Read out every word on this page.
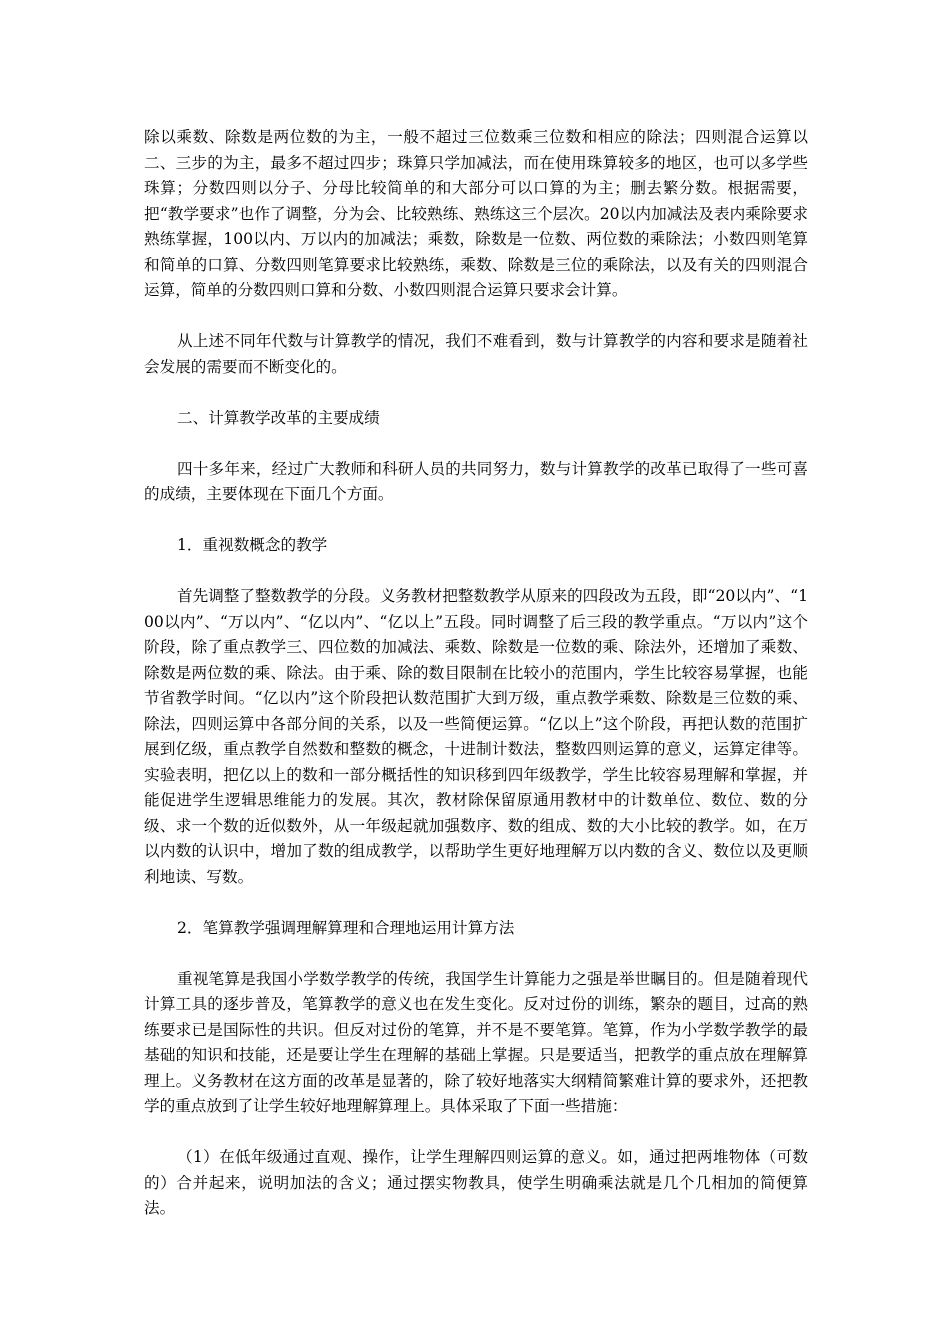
除以乘数、除数是两位数的为主，一般不超过三位数乘三位数和相应的除法；四则混合运算以二、三步的为主，最多不超过四步；珠算只学加减法，而在使用珠算较多的地区，也可以多学些珠算；分数四则以分子、分母比较简单的和大部分可以口算的为主；删去繁分数。根据需要，把“教学要求”也作了调整，分为会、比较熟练、熟练这三个层次。20以内加减法及表内乘除要求熟练掌握，100以内、万以内的加减法；乘数，除数是一位数、两位数的乘除法；小数四则笔算和简单的口算、分数四则笔算要求比较熟练，乘数、除数是三位的乘除法，以及有关的四则混合运算，简单的分数四则口算和分数、小数四则混合运算只要求会计算。

从上述不同年代数与计算教学的情况，我们不难看到，数与计算教学的内容和要求是随着社会发展的需要而不断变化的。

二、计算教学改革的主要成绩

四十多年来，经过广大教师和科研人员的共同努力，数与计算教学的改革已取得了一些可喜的成绩，主要体现在下面几个方面。

1．重视数概念的教学

首先调整了整数教学的分段。义务教材把整数教学从原来的四段改为五段，即“20以内”、“100以内”、“万以内”、“亿以内”、“亿以上”五段。同时调整了后三段的教学重点。“万以内”这个阶段，除了重点教学三、四位数的加减法、乘数、除数是一位数的乘、除法外，还增加了乘数、除数是两位数的乘、除法。由于乘、除的数目限制在比较小的范围内，学生比较容易掌握，也能节省教学时间。“亿以内”这个阶段把认数范围扩大到万级，重点教学乘数、除数是三位数的乘、除法，四则运算中各部分间的关系，以及一些简便运算。“亿以上”这个阶段，再把认数的范围扩展到亿级，重点教学自然数和整数的概念，十进制计数法，整数四则运算的意义，运算定律等。实验表明，把亿以上的数和一部分概括性的知识移到四年级教学，学生比较容易理解和掌握，并能促进学生逻辑思维能力的发展。其次，教材除保留原通用教材中的计数单位、数位、数的分级、求一个数的近似数外，从一年级起就加强数序、数的组成、数的大小比较的教学。如，在万以内数的认识中，增加了数的组成教学，以帮助学生更好地理解万以内数的含义、数位以及更顺利地读、写数。

2．笔算教学强调理解算理和合理地运用计算方法

重视笔算是我国小学数学教学的传统，我国学生计算能力之强是举世瞩目的。但是随着现代计算工具的逐步普及，笔算教学的意义也在发生变化。反对过份的训练，繁杂的题目，过高的熟练要求已是国际性的共识。但反对过份的笔算，并不是不要笔算。笔算，作为小学数学教学的最基础的知识和技能，还是要让学生在理解的基础上掌握。只是要适当，把教学的重点放在理解算理上。义务教材在这方面的改革是显著的，除了较好地落实大纲精简繁难计算的要求外，还把教学的重点放到了让学生较好地理解算理上。具体采取了下面一些措施：

（1）在低年级通过直观、操作，让学生理解四则运算的意义。如，通过把两堆物体（可数的）合并起来，说明加法的含义；通过摆实物教具，使学生明确乘法就是几个几相加的简便算法。
